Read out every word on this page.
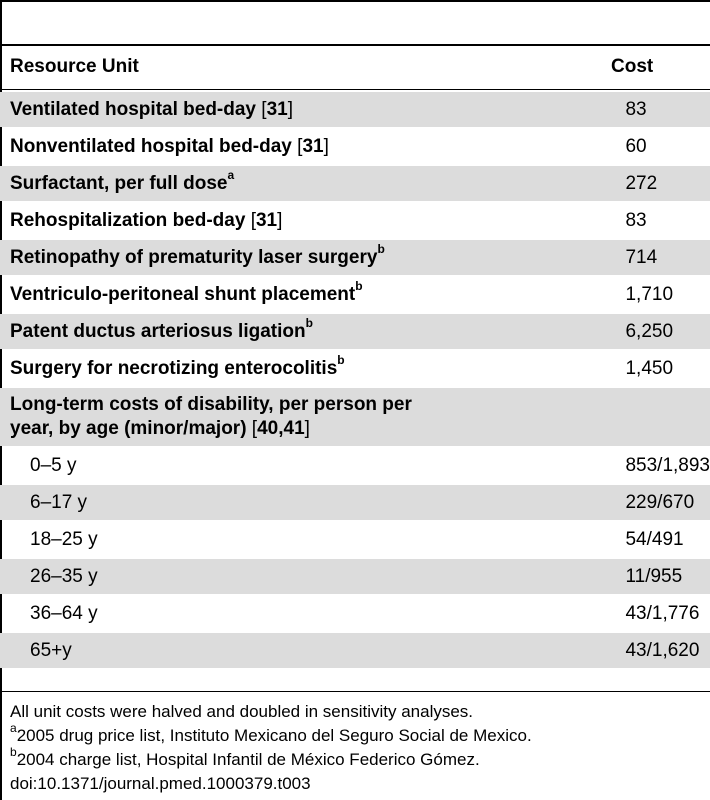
Resource Unit	Cost
Ventilated hospital bed-day [31]	83
Nonventilated hospital bed-day [31]	60
Surfactant, per full dose$^a$	272
Rehospitalization bed-day [31]	83
Retinopathy of prematurity laser surgery$^b$	714
Ventriculo-peritoneal shunt placement$^b$	1,710
Patent ductus arteriosus ligation$^b$	6,250
Surgery for necrotizing enterocolitis$^b$	1,450
Long-term costs of disability, per person per year, by age (minor/major) [40,41]	
0–5 y	853/1,893
6–17 y	229/670
18–25 y	54/491
26–35 y	11/955
36–64 y	43/1,776
65+y	43/1,620
All unit costs were halved and doubled in sensitivity analyses.
$^a$2005 drug price list, Instituto Mexicano del Seguro Social de Mexico.
$^b$2004 charge list, Hospital Infantil de México Federico Gómez.
doi:10.1371/journal.pmed.1000379.t003
